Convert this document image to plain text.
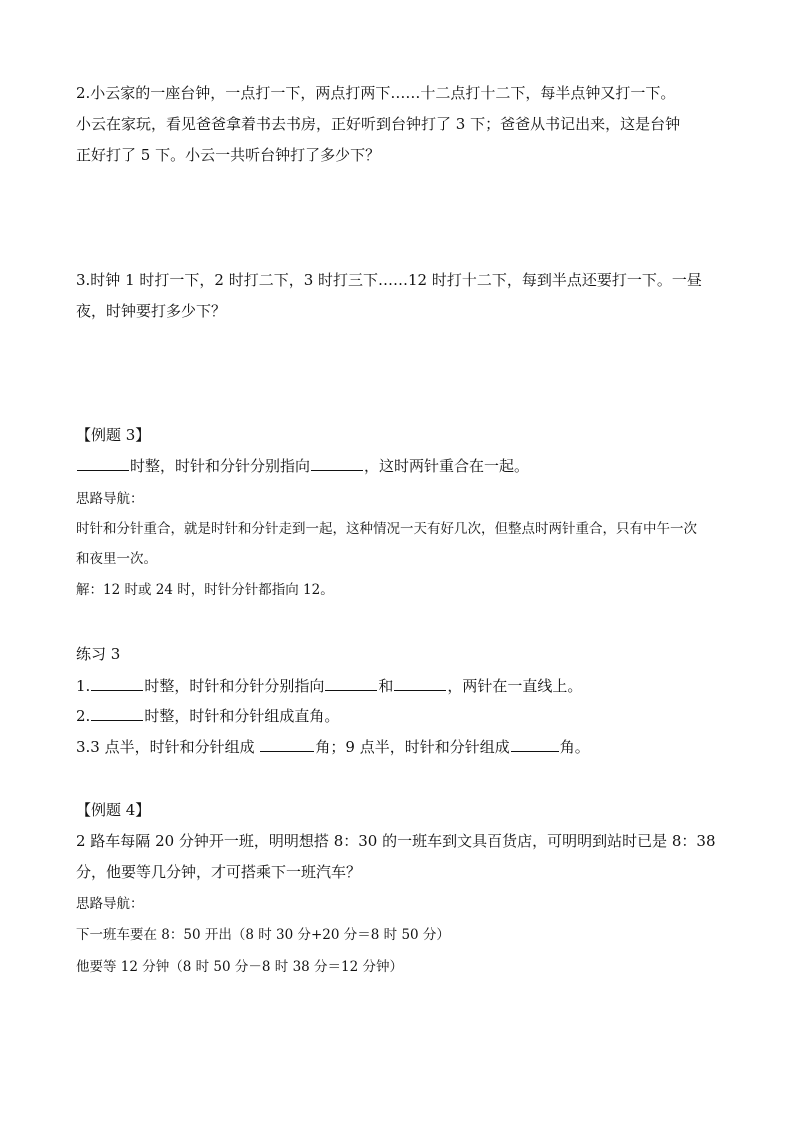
2.小云家的一座台钟，一点打一下，两点打两下……十二点打十二下，每半点钟又打一下。
小云在家玩，看见爸爸拿着书去书房，正好听到台钟打了 3 下；爸爸从书记出来，这是台钟
正好打了 5 下。小云一共听台钟打了多少下？
3.时钟 1 时打一下，2 时打二下，3 时打三下……12 时打十二下，每到半点还要打一下。一昼
夜，时钟要打多少下？
【例题 3】
时整，时针和分针分别指向	，这时两针重合在一起。
思路导航：
时针和分针重合，就是时针和分针走到一起，这种情况一天有好几次，但整点时两针重合，只有中午一次
和夜里一次。
解：12 时或 24 时，时针分针都指向 12。
练习 3
1.	时整，时针和分针分别指向	和	，两针在一直线上。
2.	时整，时针和分针组成直角。
3.3 点半，时针和分针组成	角；9 点半，时针和分针组成	角。
【例题 4】
2 路车每隔 20 分钟开一班，明明想搭 8：30 的一班车到文具百货店，可明明到站时已是 8：38
分，他要等几分钟，才可搭乘下一班汽车？
思路导航：
下一班车要在 8：50 开出（8 时 30 分+20 分＝8 时 50 分）
他要等 12 分钟（8 时 50 分－8 时 38 分＝12 分钟）
